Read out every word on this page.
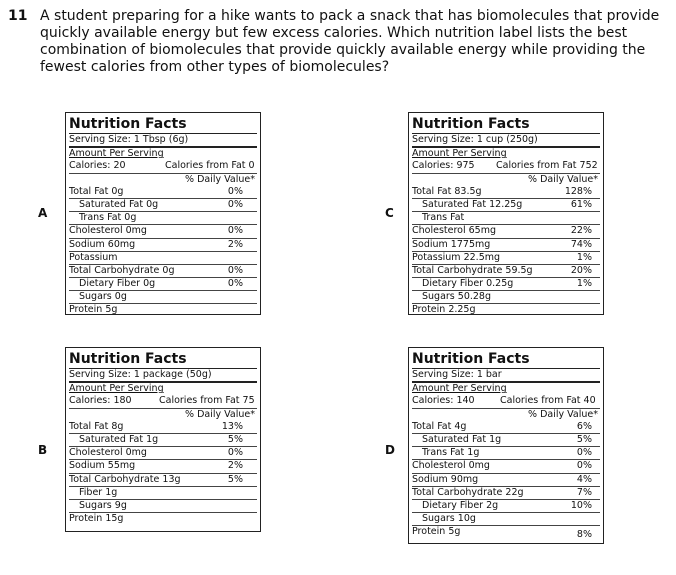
11 A student preparing for a hike wants to pack a snack that has biomolecules that provide quickly available energy but few excess calories. Which nutrition label lists the best combination of biomolecules that provide quickly available energy while providing the fewest calories from other types of biomolecules?

A
Nutrition Facts
Serving Size: 1 Tbsp (6g)
Amount Per Serving
Calories: 20	Calories from Fat 0
% Daily Value*
Total Fat 0g	0%
Saturated Fat 0g	0%
Trans Fat 0g
Cholesterol 0mg	0%
Sodium 60mg	2%
Potassium
Total Carbohydrate 0g	0%
Dietary Fiber 0g	0%
Sugars 0g
Protein 5g
C
Nutrition Facts
Serving Size: 1 cup (250g)
Amount Per Serving
Calories: 975 Calories from Fat 752
% Daily Value*
Total Fat 83.5g	128%
Saturated Fat 12.25g	61%
Trans Fat
Cholesterol 65mg	22%
Sodium 1775mg	74%
Potassium 22.5mg	1%
Total Carbohydrate 59.5g	20%
Dietary Fiber 0.25g	1%
Sugars 50.28g
Protein 2.25g
B
Nutrition Facts
Serving Size: 1 package (50g)
Amount Per Serving
Calories: 180	Calories from Fat 75
% Daily Value*
Total Fat 8g	13%
Saturated Fat 1g	5%
Cholesterol 0mg	0%
Sodium 55mg	2%
Total Carbohydrate 13g	5%
Fiber 1g
Sugars 9g
Protein 15g
D
Nutrition Facts
Serving Size: 1 bar
Amount Per Serving
Calories: 140	Calories from Fat 40
% Daily Value*
Total Fat 4g	6%
Saturated Fat 1g	5%
Trans Fat 1g	0%
Cholesterol 0mg	0%
Sodium 90mg	4%
Total Carbohydrate 22g	7%
Dietary Fiber 2g	10%
Sugars 10g
Protein 5g	8%
